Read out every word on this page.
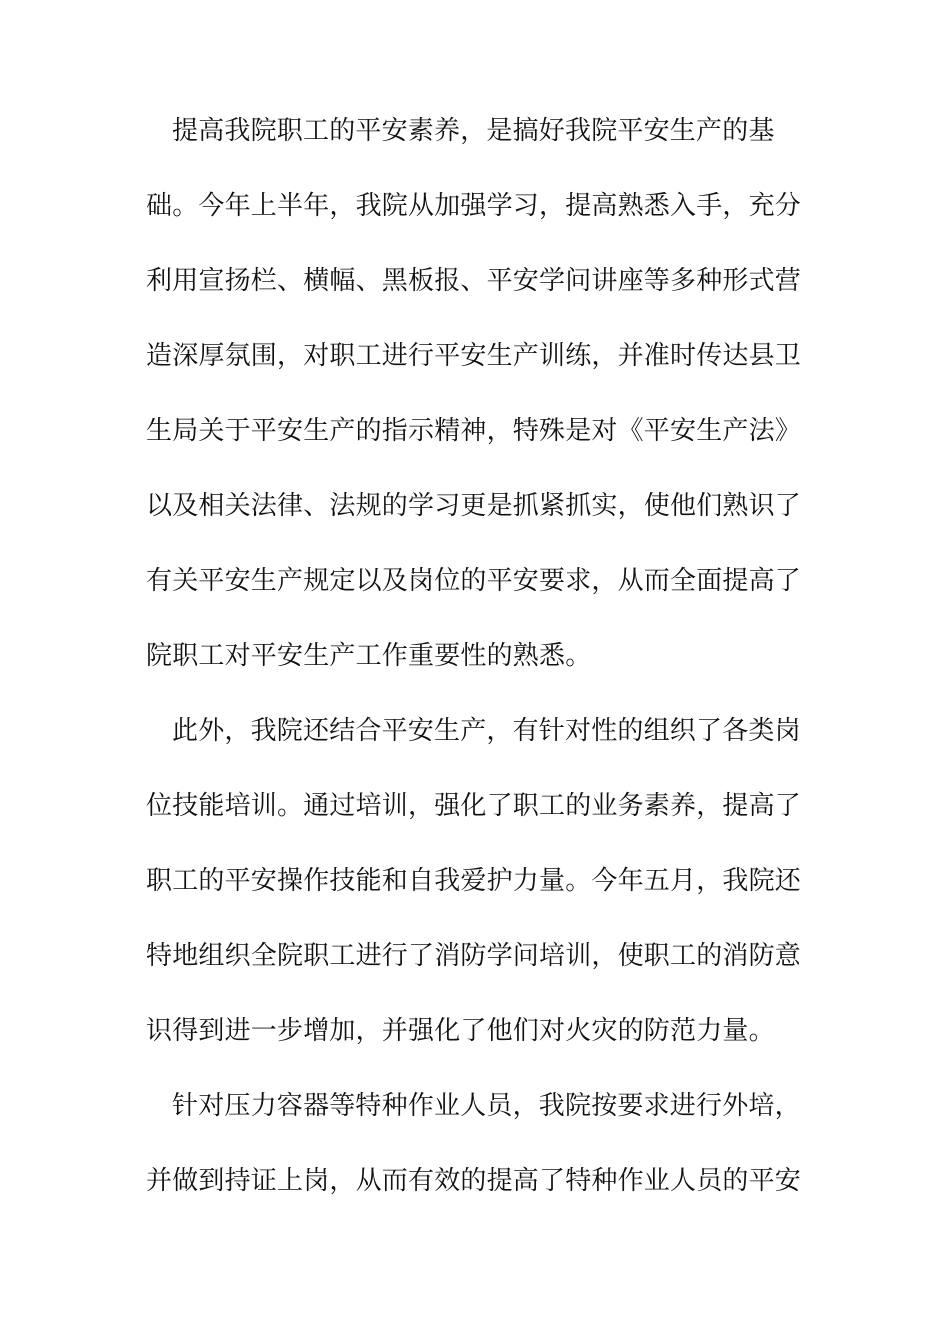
提高我院职工的平安素养，是搞好我院平安生产的基
础。今年上半年，我院从加强学习，提高熟悉入手，充分
利用宣扬栏、横幅、黑板报、平安学问讲座等多种形式营
造深厚氛围，对职工进行平安生产训练，并准时传达县卫
生局关于平安生产的指示精神，特殊是对《平安生产法》
以及相关法律、法规的学习更是抓紧抓实，使他们熟识了
有关平安生产规定以及岗位的平安要求，从而全面提高了
院职工对平安生产工作重要性的熟悉。
此外，我院还结合平安生产，有针对性的组织了各类岗
位技能培训。通过培训，强化了职工的业务素养，提高了
职工的平安操作技能和自我爱护力量。今年五月，我院还
特地组织全院职工进行了消防学问培训，使职工的消防意
识得到进一步增加，并强化了他们对火灾的防范力量。
针对压力容器等特种作业人员，我院按要求进行外培，
并做到持证上岗，从而有效的提高了特种作业人员的平安
